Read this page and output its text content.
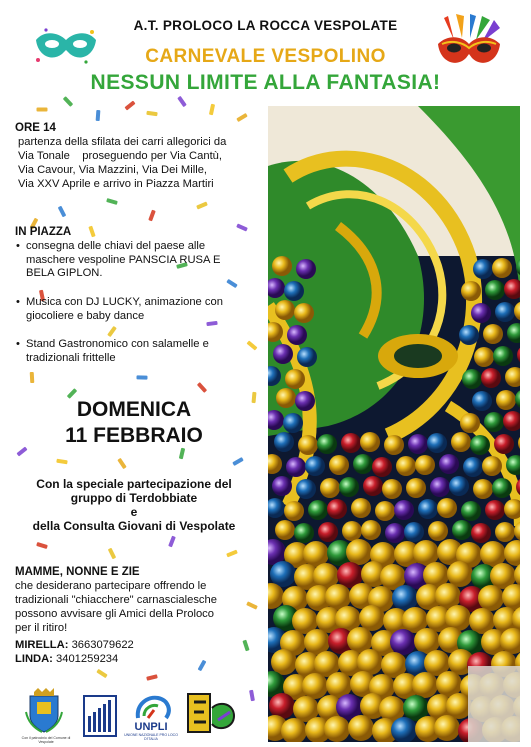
A.T. PROLOCO LA ROCCA VESPOLATE
CARNEVALE VESPOLINO
NESSUN LIMITE ALLA FANTASIA!
ORE 14
partenza della sfilata dei carri allegorici da
Via Tonale    proseguendo per Via Cantù,
Via Cavour, Via Mazzini, Via Dei Mille,
Via XXV Aprile e arrivo in Piazza Martiri
IN PIAZZA
• consegna delle chiavi del paese alle
maschere vespoline PANSCIA RUSA E
BELA GIPLON.
• Musica con DJ LUCKY, animazione con
giocoliere e baby dance
• Stand Gastronomico con salamelle e
tradizionali frittelle
DOMENICA
11 FEBBRAIO
Con la speciale partecipazione del
gruppo di Terdobbiate
e
della Consulta Giovani di Vespolate
MAMME, NONNE E ZIE
che desiderano partecipare offrendo le
tradizionali "chiacchere" carnascialesche
possono avvisare gli Amici della Proloco
per il ritiro!
MIRELLA: 3663079622
LINDA: 3401259234
Con il patrocinio del Comune di Vespolate
UNPLI
UNIONE NAZIONALE PRO LOCO D'ITALIA
